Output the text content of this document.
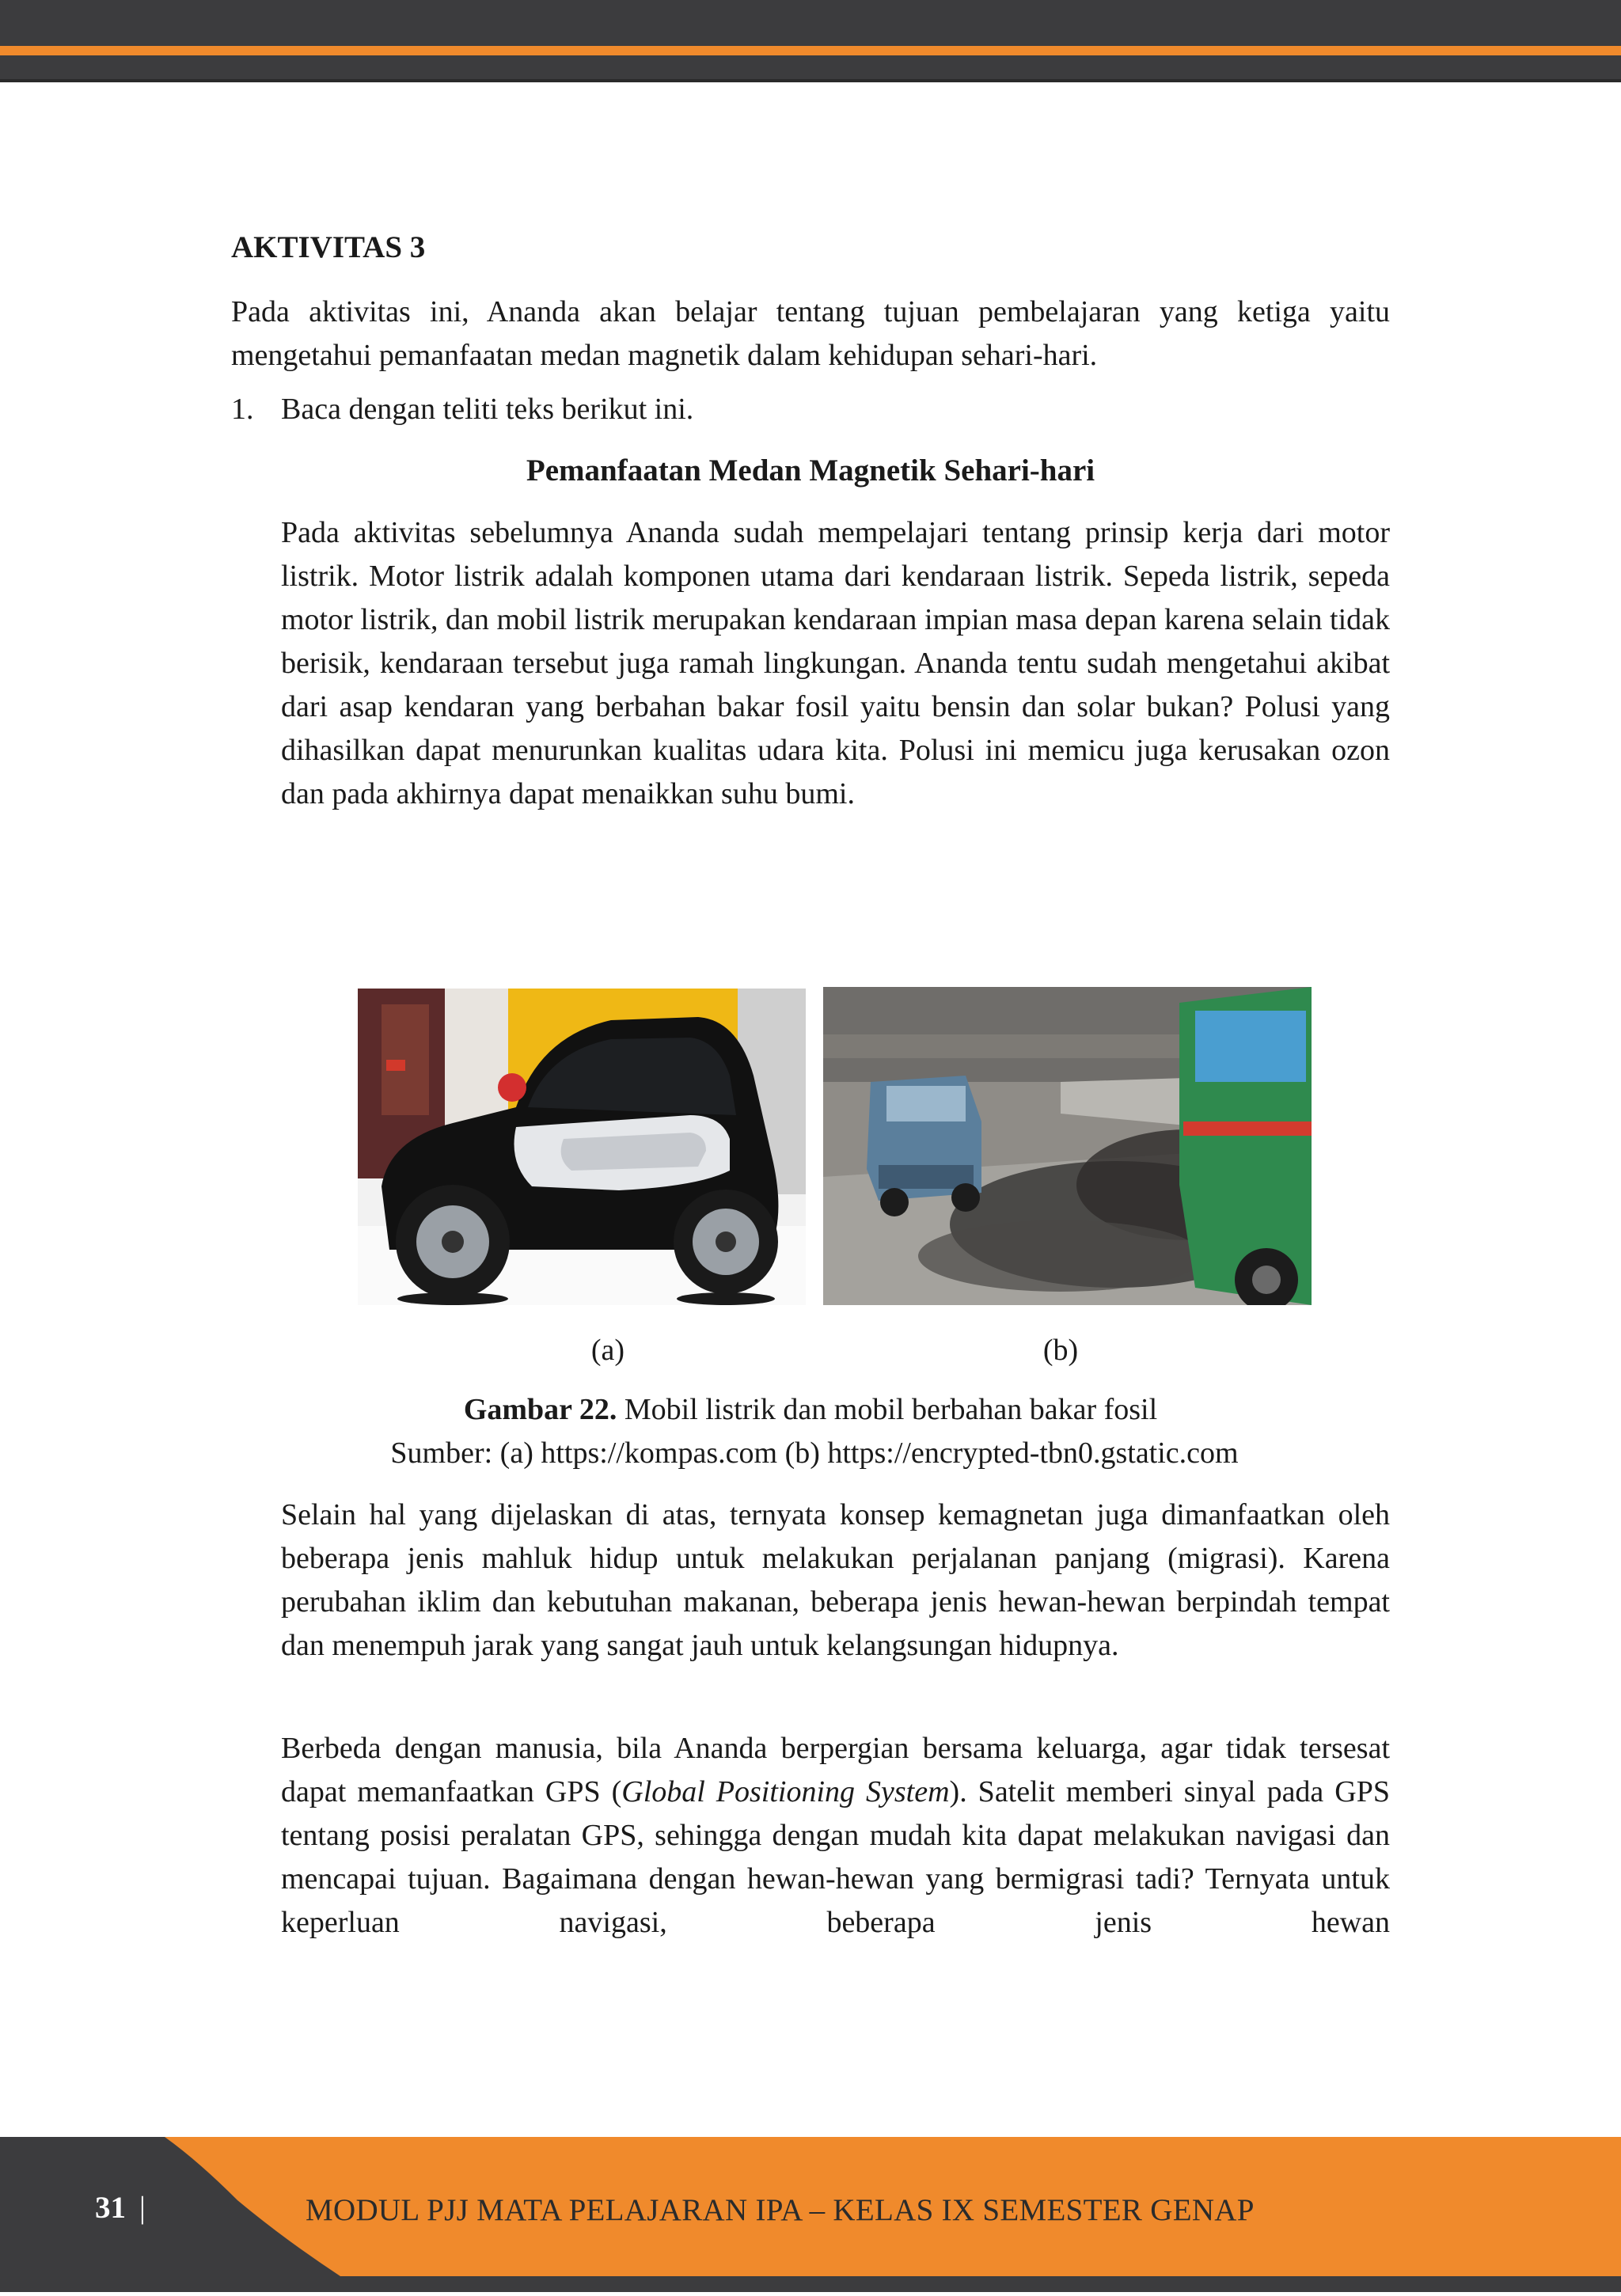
AKTIVITAS 3
Pada aktivitas ini, Ananda akan belajar tentang tujuan pembelajaran yang ketiga yaitu mengetahui pemanfaatan medan magnetik dalam kehidupan sehari-hari.
1. Baca dengan teliti teks berikut ini.
Pemanfaatan Medan Magnetik Sehari-hari
Pada aktivitas sebelumnya Ananda sudah mempelajari tentang prinsip kerja dari motor listrik. Motor listrik adalah komponen utama dari kendaraan listrik. Sepeda listrik, sepeda motor listrik, dan mobil listrik merupakan kendaraan impian masa depan karena selain tidak berisik, kendaraan tersebut juga ramah lingkungan. Ananda tentu sudah mengetahui akibat dari asap kendaran yang berbahan bakar fosil yaitu bensin dan solar bukan? Polusi yang dihasilkan dapat menurunkan kualitas udara kita. Polusi ini memicu juga kerusakan ozon dan pada akhirnya dapat menaikkan suhu bumi.
(a)	(b)
Gambar 22. Mobil listrik dan mobil berbahan bakar fosil
Sumber: (a) https://kompas.com (b) https://encrypted-tbn0.gstatic.com
Selain hal yang dijelaskan di atas, ternyata konsep kemagnetan juga dimanfaatkan oleh beberapa jenis mahluk hidup untuk melakukan perjalanan panjang (migrasi). Karena perubahan iklim dan kebutuhan makanan, beberapa jenis hewan-hewan berpindah tempat dan menempuh jarak yang sangat jauh untuk kelangsungan hidupnya.
Berbeda dengan manusia, bila Ananda berpergian bersama keluarga, agar tidak tersesat dapat memanfaatkan GPS (Global Positioning System). Satelit memberi sinyal pada GPS tentang posisi peralatan GPS, sehingga dengan mudah kita dapat melakukan navigasi dan mencapai tujuan. Bagaimana dengan hewan-hewan yang bermigrasi tadi? Ternyata untuk keperluan navigasi, beberapa jenis hewan
31 |	MODUL PJJ MATA PELAJARAN IPA – KELAS IX SEMESTER GENAP
